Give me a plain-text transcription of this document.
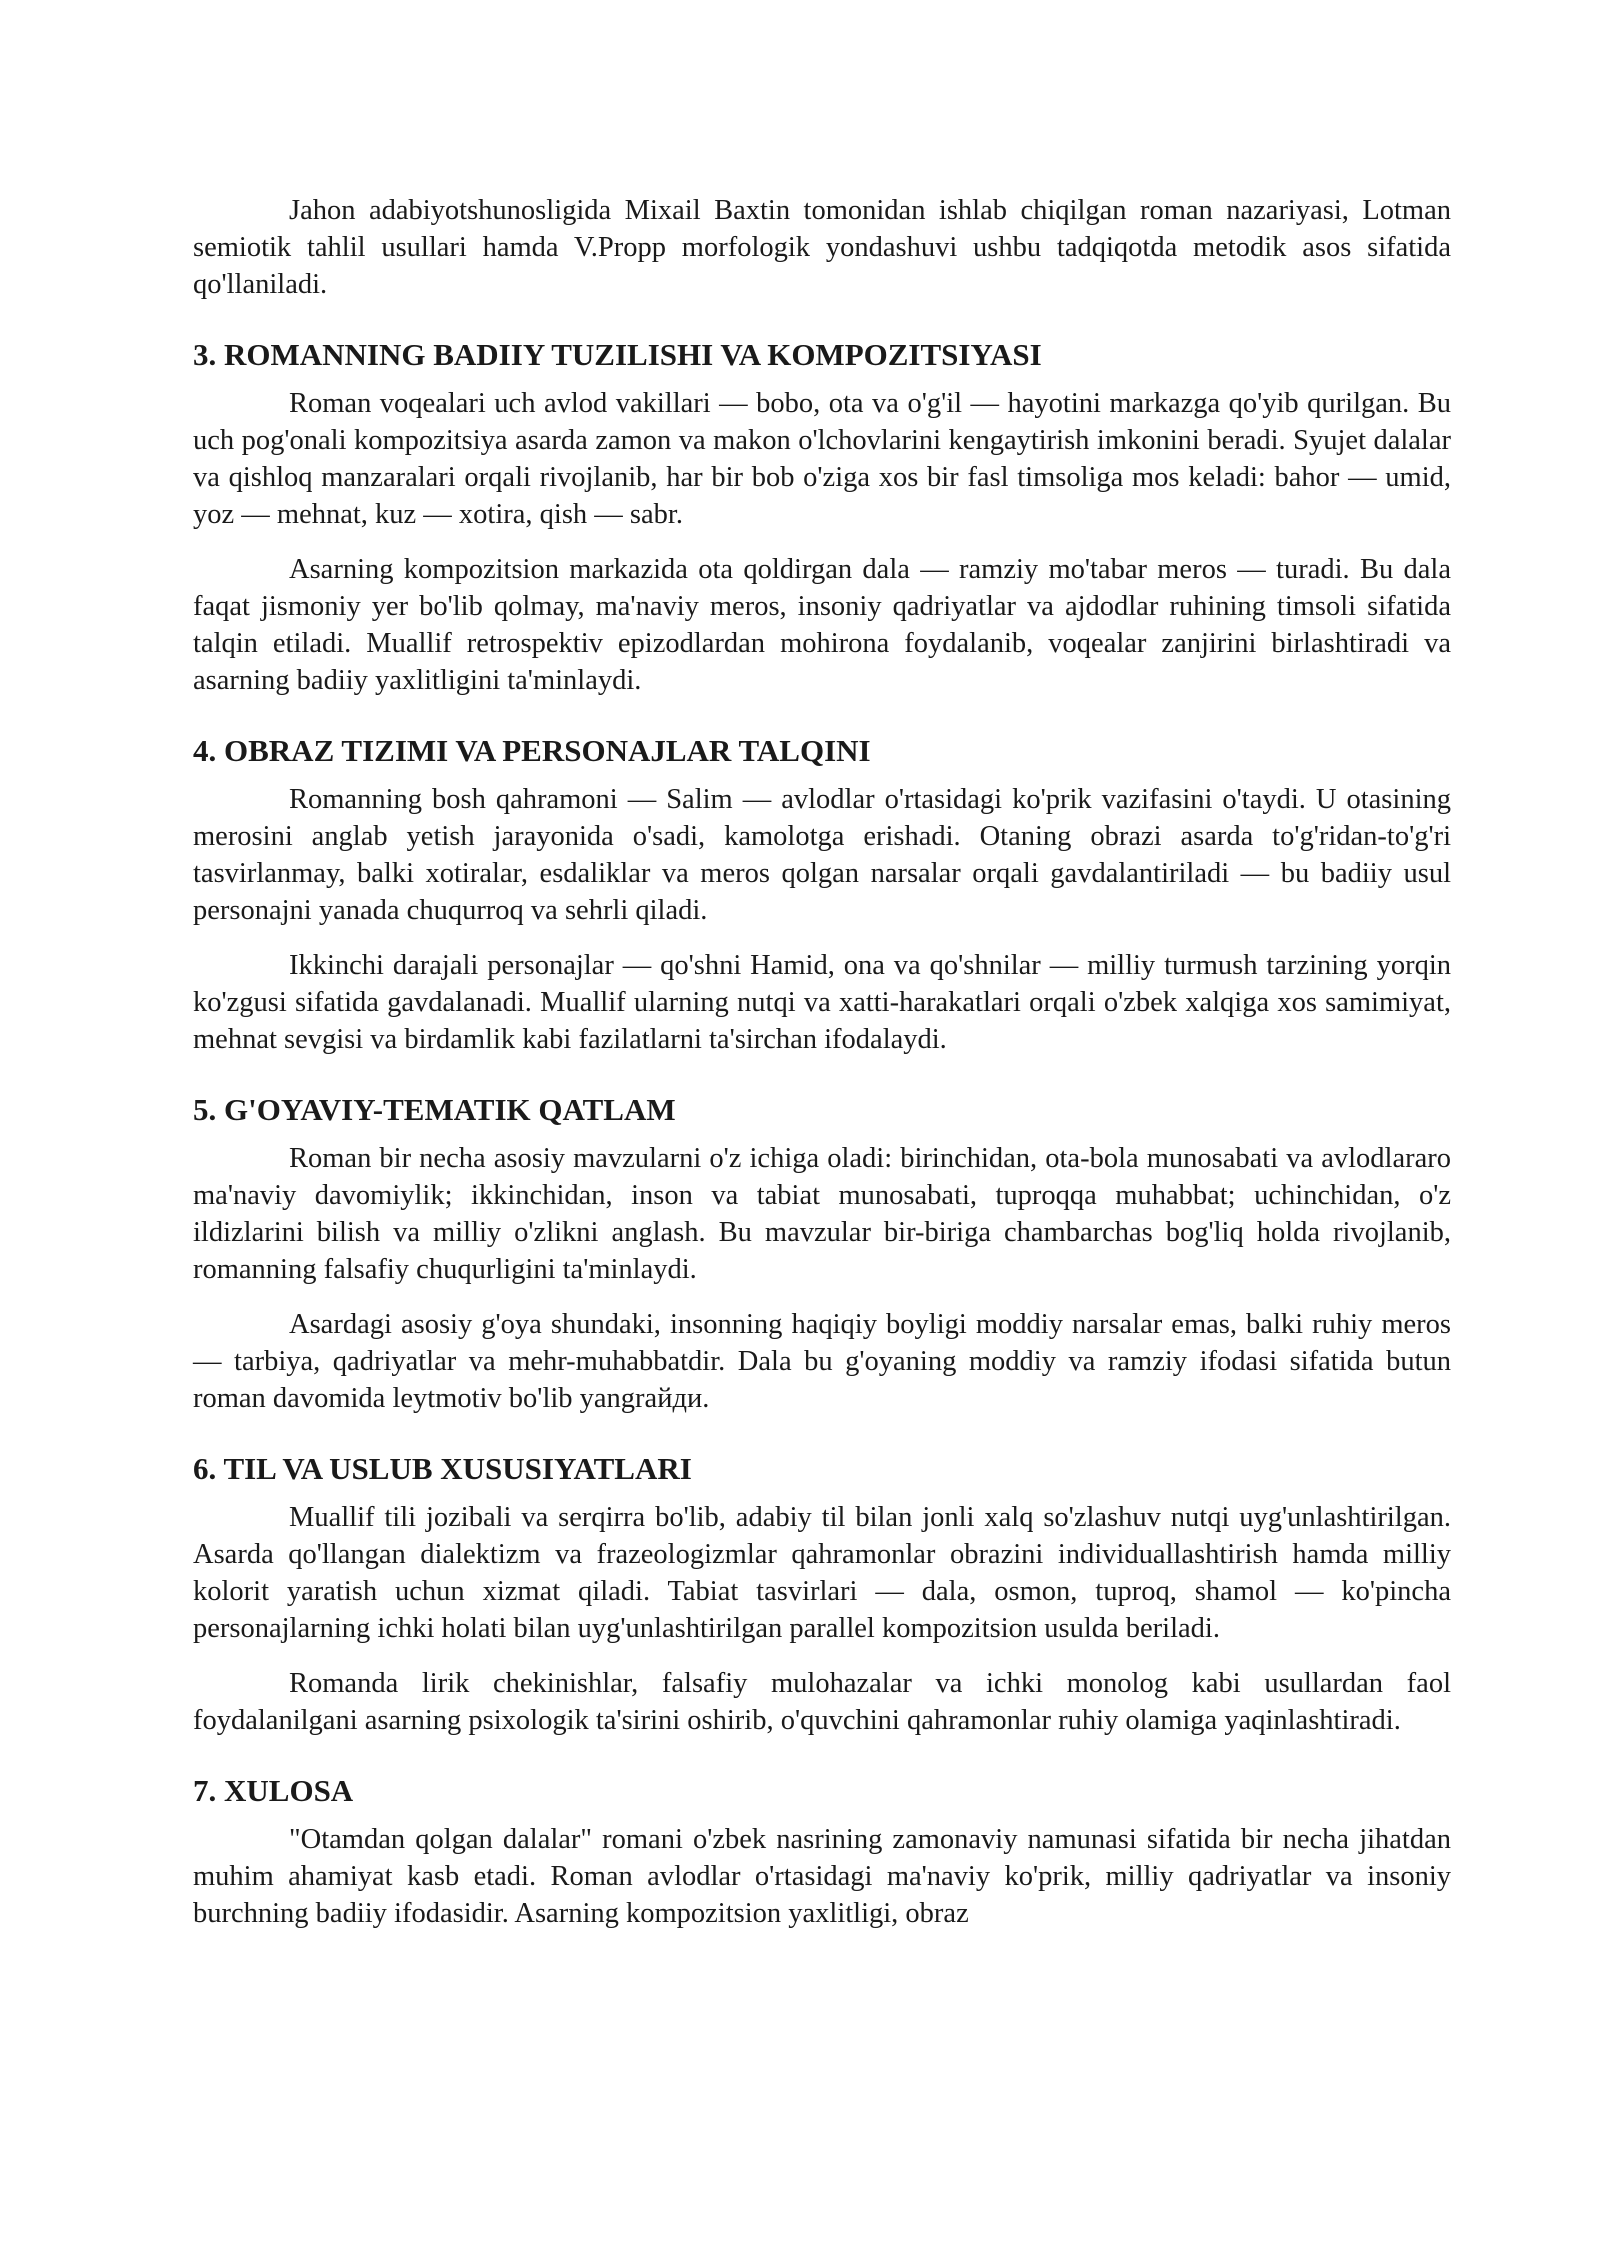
Jahon adabiyotshunosligida Mixail Baxtin tomonidan ishlab chiqilgan roman nazariyasi, Lotman semiotik tahlil usullari hamda V.Propp morfologik yondashuvi ushbu tadqiqotda metodik asos sifatida qo'llaniladi.

3. ROMANNING BADIIY TUZILISHI VA KOMPOZITSIYASI

Roman voqealari uch avlod vakillari — bobo, ota va o'g'il — hayotini markazga qo'yib qurilgan. Bu uch pog'onali kompozitsiya asarda zamon va makon o'lchovlarini kengaytirish imkonini beradi. Syujet dalalar va qishloq manzaralari orqali rivojlanib, har bir bob o'ziga xos bir fasl timsoliga mos keladi: bahor — umid, yoz — mehnat, kuz — xotira, qish — sabr.

Asarning kompozitsion markazida ota qoldirgan dala — ramziy mo'tabar meros — turadi. Bu dala faqat jismoniy yer bo'lib qolmay, ma'naviy meros, insoniy qadriyatlar va ajdodlar ruhining timsoli sifatida talqin etiladi. Muallif retrospektiv epizodlardan mohirona foydalanib, voqealar zanjirini birlashtiradi va asarning badiiy yaxlitligini ta'minlaydi.

4. OBRAZ TIZIMI VA PERSONAJLAR TALQINI

Romanning bosh qahramoni — Salim — avlodlar o'rtasidagi ko'prik vazifasini o'taydi. U otasining merosini anglab yetish jarayonida o'sadi, kamolotga erishadi. Otaning obrazi asarda to'g'ridan-to'g'ri tasvirlanmay, balki xotiralar, esdaliklar va meros qolgan narsalar orqali gavdalantiriladi — bu badiiy usul personajni yanada chuqurroq va sehrli qiladi.

Ikkinchi darajali personajlar — qo'shni Hamid, ona va qo'shnilar — milliy turmush tarzining yorqin ko'zgusi sifatida gavdalanadi. Muallif ularning nutqi va xatti-harakatlari orqali o'zbek xalqiga xos samimiyat, mehnat sevgisi va birdamlik kabi fazilatlarni ta'sirchan ifodalaydi.

5. G'OYAVIY-TEMATIK QATLAM

Roman bir necha asosiy mavzularni o'z ichiga oladi: birinchidan, ota-bola munosabati va avlodlararo ma'naviy davomiylik; ikkinchidan, inson va tabiat munosabati, tuproqqa muhabbat; uchinchidan, o'z ildizlarini bilish va milliy o'zlikni anglash. Bu mavzular bir-biriga chambarchas bog'liq holda rivojlanib, romanning falsafiy chuqurligini ta'minlaydi.

Asardagi asosiy g'oya shundaki, insonning haqiqiy boyligi moddiy narsalar emas, balki ruhiy meros — tarbiya, qadriyatlar va mehr-muhabbatdir. Dala bu g'oyaning moddiy va ramziy ifodasi sifatida butun roman davomida leytmotiv bo'lib yangraйди.

6. TIL VA USLUB XUSUSIYATLARI

Muallif tili jozibali va serqirra bo'lib, adabiy til bilan jonli xalq so'zlashuv nutqi uyg'unlashtirilgan. Asarda qo'llangan dialektizm va frazeologizmlar qahramonlar obrazini individuallashtirish hamda milliy kolorit yaratish uchun xizmat qiladi. Tabiat tasvirlari — dala, osmon, tuproq, shamol — ko'pincha personajlarning ichki holati bilan uyg'unlashtirilgan parallel kompozitsion usulda beriladi.

Romanda lirik chekinishlar, falsafiy mulohazalar va ichki monolog kabi usullardan faol foydalanilgani asarning psixologik ta'sirini oshirib, o'quvchini qahramonlar ruhiy olamiga yaqinlashtiradi.

7. XULOSA

"Otamdan qolgan dalalar" romani o'zbek nasrining zamonaviy namunasi sifatida bir necha jihatdan muhim ahamiyat kasb etadi. Roman avlodlar o'rtasidagi ma'naviy ko'prik, milliy qadriyatlar va insoniy burchning badiiy ifodasidir. Asarning kompozitsion yaxlitligi, obraz
